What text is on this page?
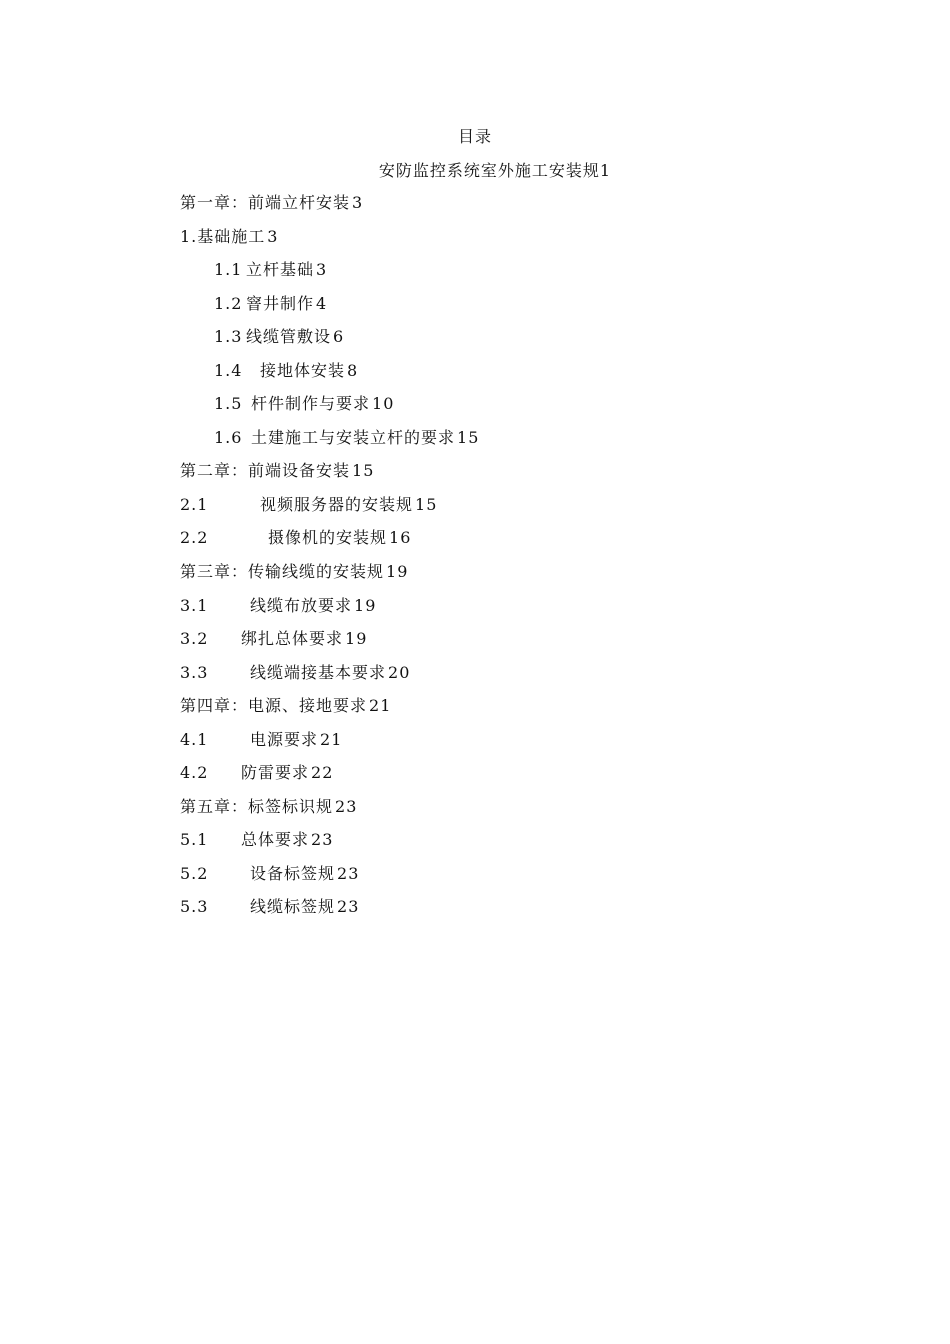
目录
安防监控系统室外施工安装规1
第一章：前端立杆安装 3
1.基础施工 3
1.1 立杆基础 3
1.2 窨井制作 4
1.3 线缆管敷设 6
1.4 接地体安装 8
1.5 杆件制作与要求 10
1.6 土建施工与安装立杆的要求 15
第二章：前端设备安装 15
2.1	视频服务器的安装规 15
2.2	摄像机的安装规 16
第三章：传输线缆的安装规 19
3.1	线缆布放要求 19
3.2 绑扎总体要求 19
3.3	线缆端接基本要求 20
第四章：电源、接地要求 21
4.1	电源要求 21
4.2 防雷要求 22
第五章：标签标识规 23
5.1 总体要求 23
5.2	设备标签规 23
5.3	线缆标签规 23
